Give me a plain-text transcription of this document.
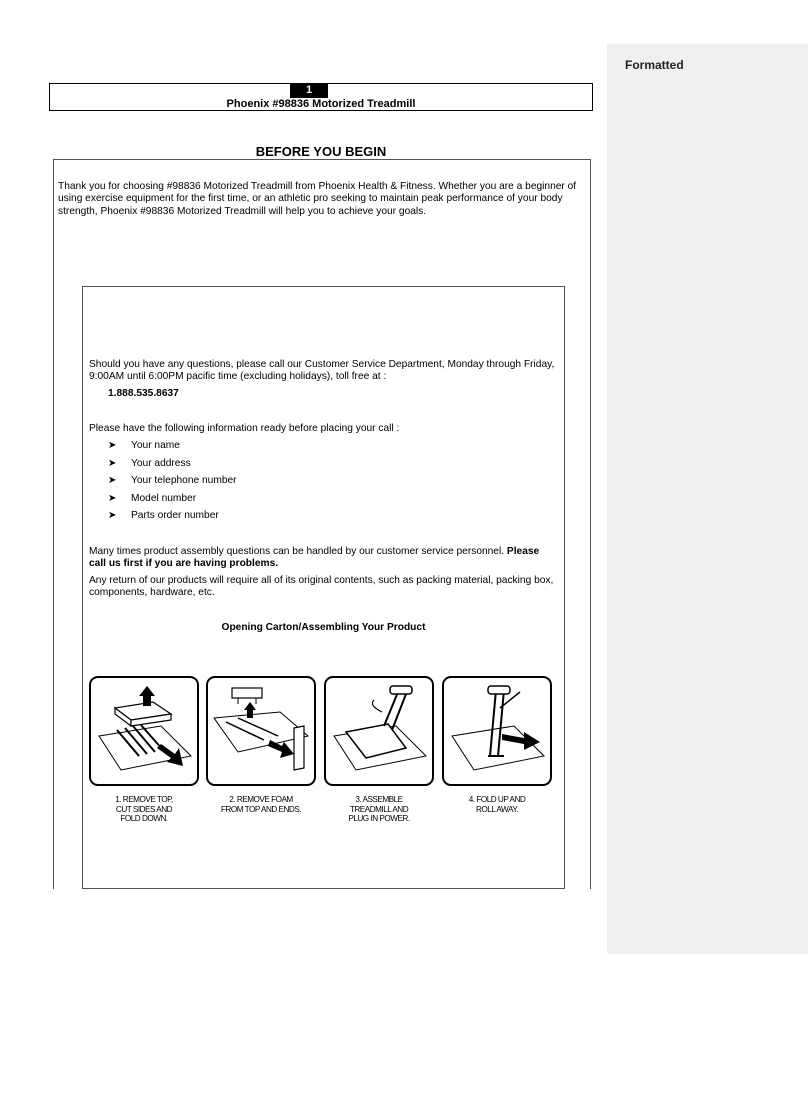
Formatted
1
Phoenix #98836 Motorized Treadmill
BEFORE YOU BEGIN
Thank you for choosing #98836 Motorized Treadmill from Phoenix Health & Fitness. Whether you are a beginner of using exercise equipment for the first time, or an athletic pro seeking to maintain peak performance of your body strength, Phoenix #98836 Motorized Treadmill will help you to achieve your goals.
Should you have any questions, please call our Customer Service Department, Monday through Friday, 9:00AM until 6:00PM pacific time (excluding holidays), toll free at :
1.888.535.8637
Please have the following information ready before placing your call :
➤	Your name
➤	Your address
➤	Your telephone number
➤	Model number
➤	Parts order number
Many times product assembly questions can be handled by our customer service personnel. Please call us first if you are having problems.
Any return of our products will require all of its original contents, such as packing material, packing box, components, hardware, etc.
Opening Carton/Assembling Your Product
1. REMOVE TOP,
CUT SIDES AND
FOLD DOWN.
2. REMOVE FOAM
FROM TOP AND ENDS.
3. ASSEMBLE
TREADMILL AND
PLUG IN POWER.
4. FOLD UP AND
ROLL AWAY.
